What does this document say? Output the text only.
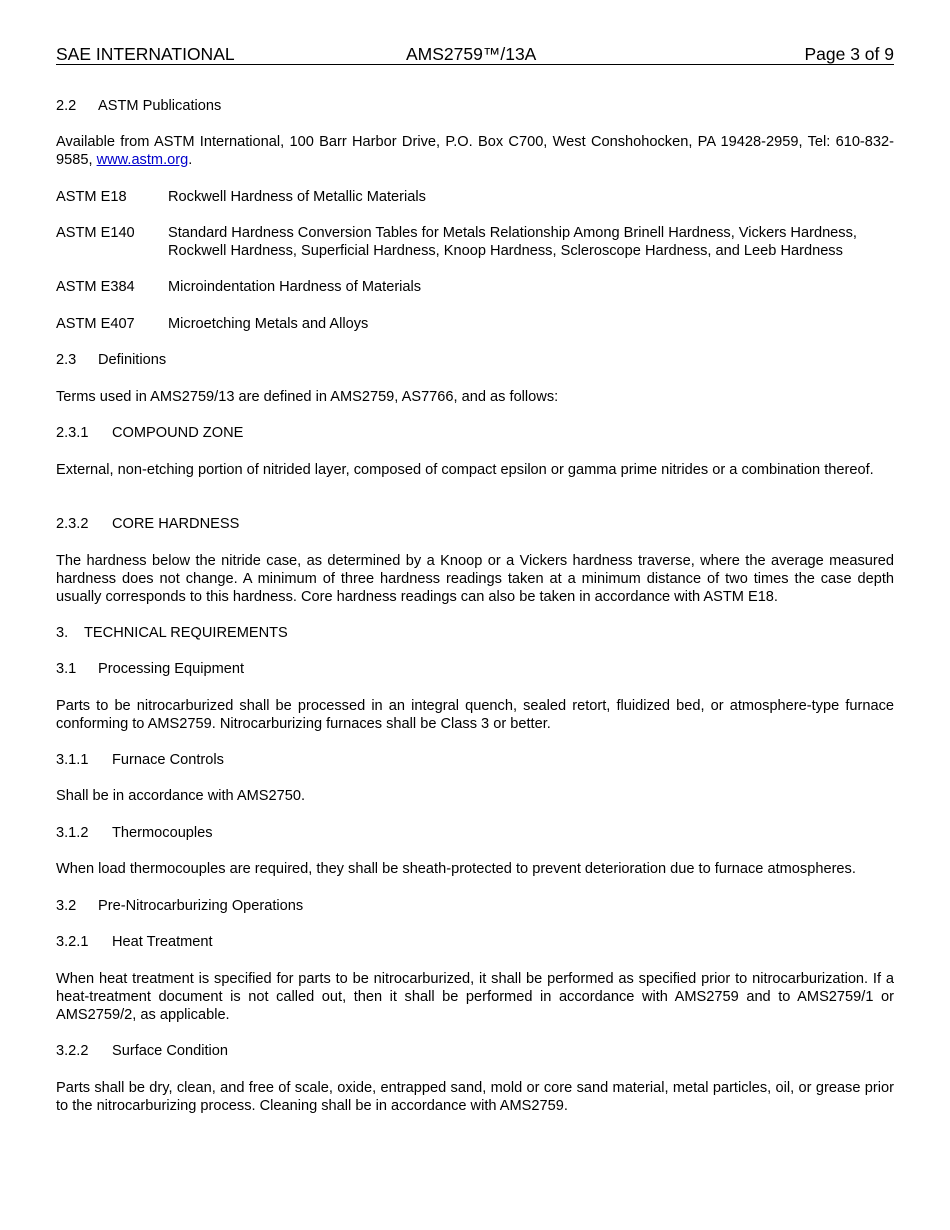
SAE INTERNATIONAL	AMS2759™/13A	Page 3 of 9
2.2 ASTM Publications
Available from ASTM International, 100 Barr Harbor Drive, P.O. Box C700, West Conshohocken, PA 19428-2959, Tel: 610-832-9585, www.astm.org.
ASTM E18	Rockwell Hardness of Metallic Materials
ASTM E140 Standard Hardness Conversion Tables for Metals Relationship Among Brinell Hardness, Vickers Hardness, Rockwell Hardness, Superficial Hardness, Knoop Hardness, Scleroscope Hardness, and Leeb Hardness
ASTM E384 Microindentation Hardness of Materials
ASTM E407 Microetching Metals and Alloys
2.3 Definitions
Terms used in AMS2759/13 are defined in AMS2759, AS7766, and as follows:
2.3.1 COMPOUND ZONE
External, non-etching portion of nitrided layer, composed of compact epsilon or gamma prime nitrides or a combination thereof.
2.3.2 CORE HARDNESS
The hardness below the nitride case, as determined by a Knoop or a Vickers hardness traverse, where the average measured hardness does not change. A minimum of three hardness readings taken at a minimum distance of two times the case depth usually corresponds to this hardness. Core hardness readings can also be taken in accordance with ASTM E18.
3. TECHNICAL REQUIREMENTS
3.1 Processing Equipment
Parts to be nitrocarburized shall be processed in an integral quench, sealed retort, fluidized bed, or atmosphere-type furnace conforming to AMS2759. Nitrocarburizing furnaces shall be Class 3 or better.
3.1.1 Furnace Controls
Shall be in accordance with AMS2750.
3.1.2 Thermocouples
When load thermocouples are required, they shall be sheath-protected to prevent deterioration due to furnace atmospheres.
3.2 Pre-Nitrocarburizing Operations
3.2.1 Heat Treatment
When heat treatment is specified for parts to be nitrocarburized, it shall be performed as specified prior to nitrocarburization. If a heat-treatment document is not called out, then it shall be performed in accordance with AMS2759 and to AMS2759/1 or AMS2759/2, as applicable.
3.2.2 Surface Condition
Parts shall be dry, clean, and free of scale, oxide, entrapped sand, mold or core sand material, metal particles, oil, or grease prior to the nitrocarburizing process. Cleaning shall be in accordance with AMS2759.
